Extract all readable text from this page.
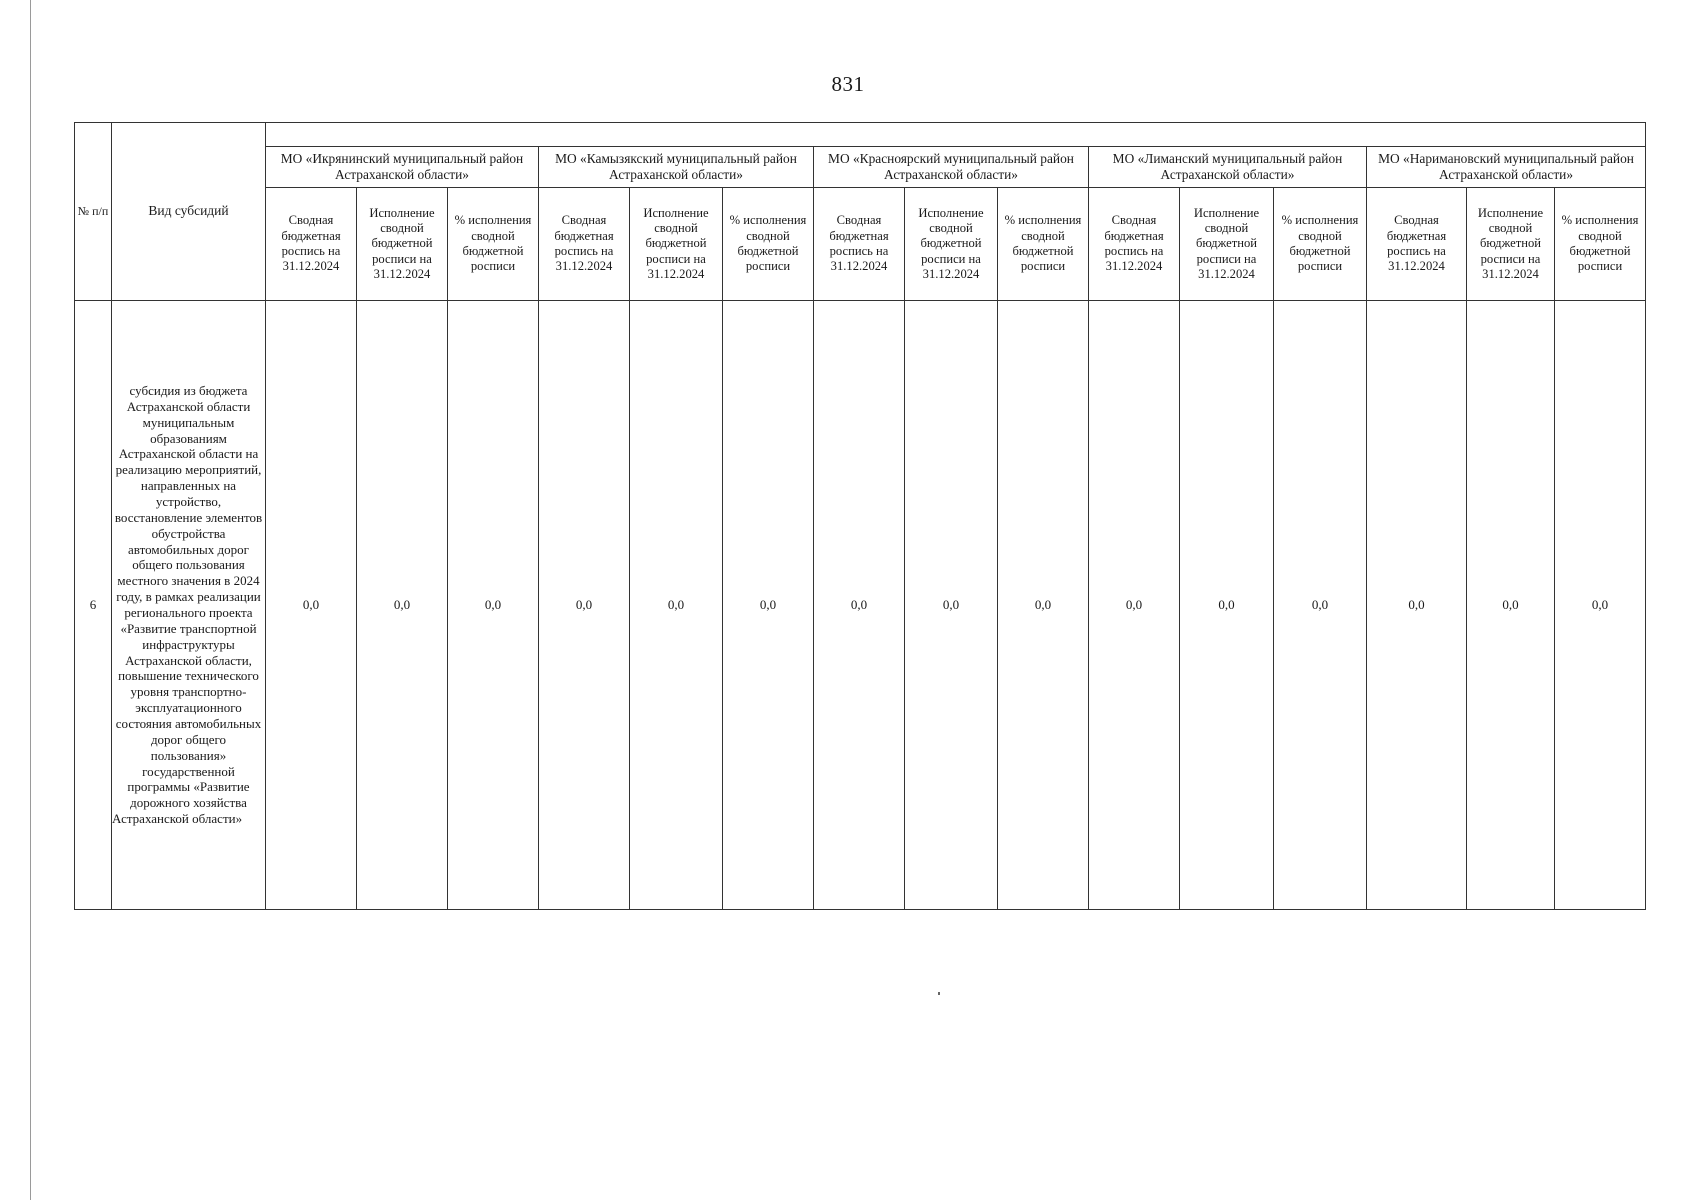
831
№ п/п	Вид субсидий															
		МО «Икрянинский муниципальный район Астраханской области»			МО «Камызякский муниципальный район Астраханской области»			МО «Красноярский муниципальный район Астраханской области»			МО «Лиманский муниципальный район Астраханской области»			МО «Наримановский муниципальный район Астраханской области»		
		Сводная бюджетная роспись на 31.12.2024	Исполнение сводной бюджетной росписи на 31.12.2024	% исполнения сводной бюджетной росписи	Сводная бюджетная роспись на 31.12.2024	Исполнение сводной бюджетной росписи на 31.12.2024	% исполнения сводной бюджетной росписи	Сводная бюджетная роспись на 31.12.2024	Исполнение сводной бюджетной росписи на 31.12.2024	% исполнения сводной бюджетной росписи	Сводная бюджетная роспись на 31.12.2024	Исполнение сводной бюджетной росписи на 31.12.2024	% исполнения сводной бюджетной росписи	Сводная бюджетная роспись на 31.12.2024	Исполнение сводной бюджетной росписи на 31.12.2024	% исполнения сводной бюджетной росписи
6	субсидия из бюджета Астраханской области муниципальным образованиям Астраханской области на реализацию мероприятий, направленных на устройство, восстановление элементов обустройства автомобильных дорог общего пользования местного значения в 2024 году, в рамках реализации регионального проекта «Развитие транспортной инфраструктуры Астраханской области, повышение технического уровня транспортно-эксплуатационного состояния автомобильных дорог общего пользования» государственной программы «Развитие дорожного хозяйства Астраханской области»	0,0	0,0	0,0	0,0	0,0	0,0	0,0	0,0	0,0	0,0	0,0	0,0	0,0	0,0	0,0
